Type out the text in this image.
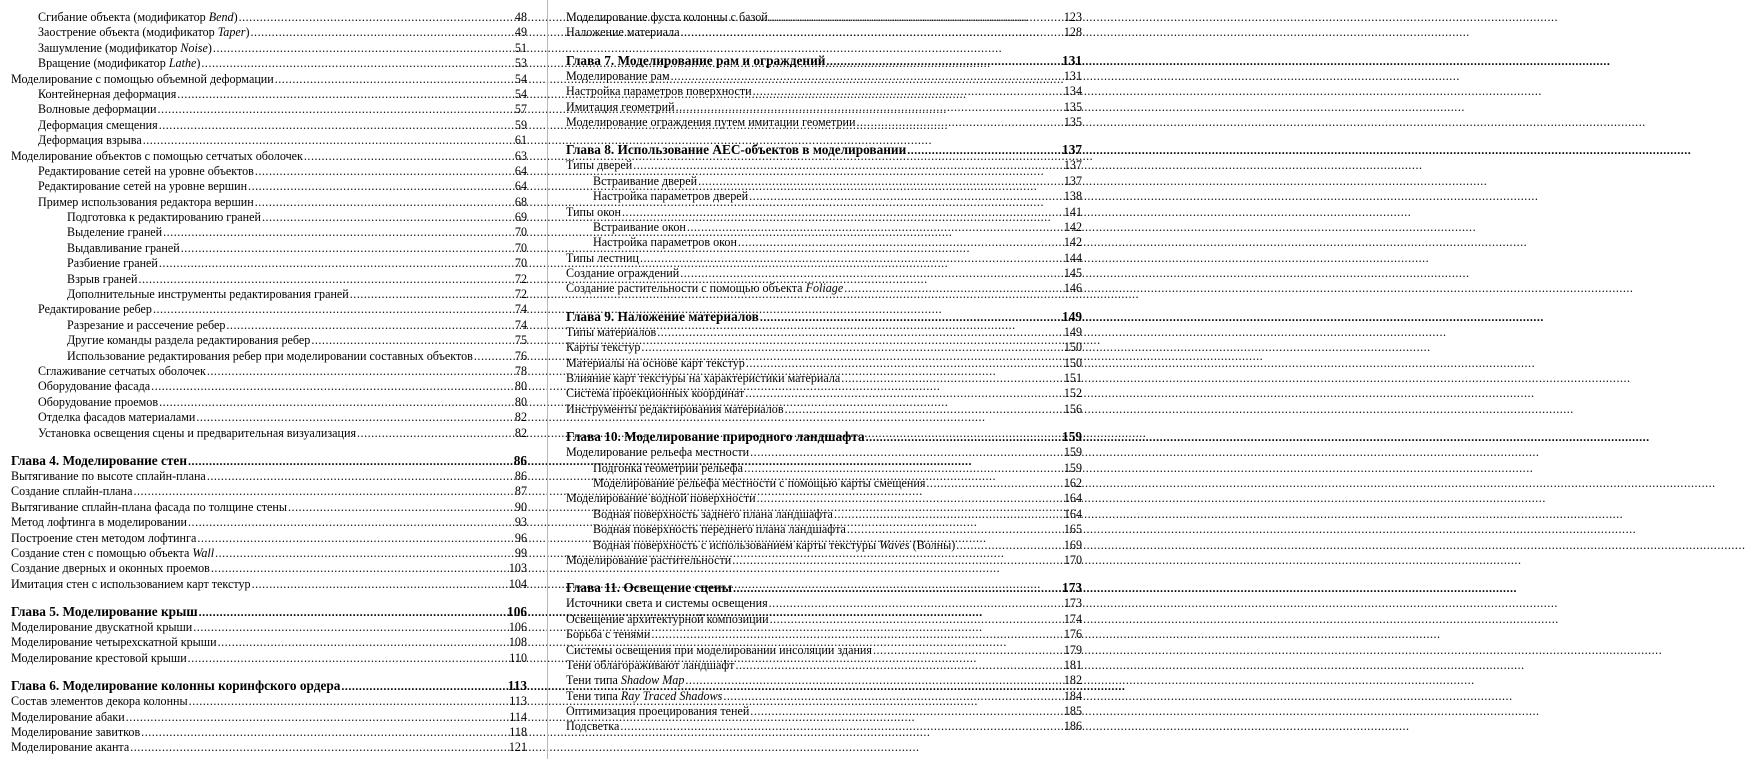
Сгибание объекта (модификатор Bend) .....	48
Заострение объекта (модификатор Taper) .....	49
Зашумление (модификатор Noise) .....	51
Вращение (модификатор Lathe) .....	53
Моделирование с помощью объемной деформации .....	54
Контейнерная деформация .....	54
Волновые деформации .....	57
Деформация смещения .....	59
Деформация взрыва .....	61
Моделирование объектов с помощью сетчатых оболочек .....	63
Редактирование сетей на уровне объектов .....	64
Редактирование сетей на уровне вершин .....	64
Пример использования редактора вершин .....	68
Подготовка к редактированию граней .....	69
Выделение граней .....	70
Выдавливание граней .....	70
Разбиение граней .....	70
Взрыв граней .....	72
Дополнительные инструменты редактирования граней .....	72
Редактирование ребер .....	74
Разрезание и рассечение ребер .....	74
Другие команды раздела редактирования ребер .....	75
Использование редактирования ребер при моделировании составных объектов .....	76
Сглаживание сетчатых оболочек .....	78
Оборудование фасада .....	80
Оборудование проемов .....	80
Отделка фасадов материалами .....	82
Установка освещения сцены и предварительная визуализация .....	82
Глава 4. Моделирование стен .....	86
Вытягивание по высоте сплайн-плана .....	86
Создание сплайн-плана .....	87
Вытягивание сплайн-плана фасада по толщине стены .....	90
Метод лофтинга в моделировании .....	93
Построение стен методом лофтинга .....	96
Создание стен с помощью объекта Wall .....	99
Создание дверных и оконных проемов .....	103
Имитация стен с использованием карт текстур .....	104
Глава 5. Моделирование крыш .....	106
Моделирование двускатной крыши .....	106
Моделирование четырехскатной крыши .....	108
Моделирование крестовой крыши .....	110
Глава 6. Моделирование колонны коринфского ордера .....	113
Состав элементов декора колонны .....	113
Моделирование абаки .....	114
Моделирование завитков .....	118
Моделирование аканта .....	121
Моделирование фуста колонны с базой .....	123
Наложение материала .....	128
Глава 7. Моделирование рам и ограждений .....	131
Моделирование рам .....	131
Настройка параметров поверхности .....	134
Имитация геометрий .....	135
Моделирование ограждения путем имитации геометрии .....	135
Глава 8. Использование AEC-объектов в моделировании .....	137
Типы дверей .....	137
Встраивание дверей .....	137
Настройка параметров дверей .....	138
Типы окон .....	141
Встраивание окон .....	142
Настройка параметров окон .....	142
Типы лестниц .....	144
Создание ограждений .....	145
Создание растительности с помощью объекта Foliage .....	146
Глава 9. Наложение материалов .....	149
Типы материалов .....	149
Карты текстур .....	150
Материалы на основе карт текстур .....	150
Влияние карт текстуры на характеристики материала .....	151
Система проекционных координат .....	152
Инструменты редактирования материалов .....	156
Глава 10. Моделирование природного ландшафта .....	159
Моделирование рельефа местности .....	159
Подгонка геометрии рельефа .....	159
Моделирование рельефа местности с помощью карты смещения .....	162
Моделирование водной поверхности .....	164
Водная поверхность заднего плана ландшафта .....	164
Водная поверхность переднего плана ландшафта .....	165
Водная поверхность с использованием карты текстуры Waves (Волны) .....	169
Моделирование растительности .....	170
Глава 11. Освещение сцены .....	173
Источники света и системы освещения .....	173
Освещение архитектурной композиции .....	174
Борьба с тенями .....	176
Системы освещения при моделировании инсоляции здания .....	179
Тени облагораживают ландшафт .....	181
Тени типа Shadow Map .....	182
Тени типа Ray Traced Shadows .....	184
Оптимизация проецирования теней .....	185
Подсветка .....	186
